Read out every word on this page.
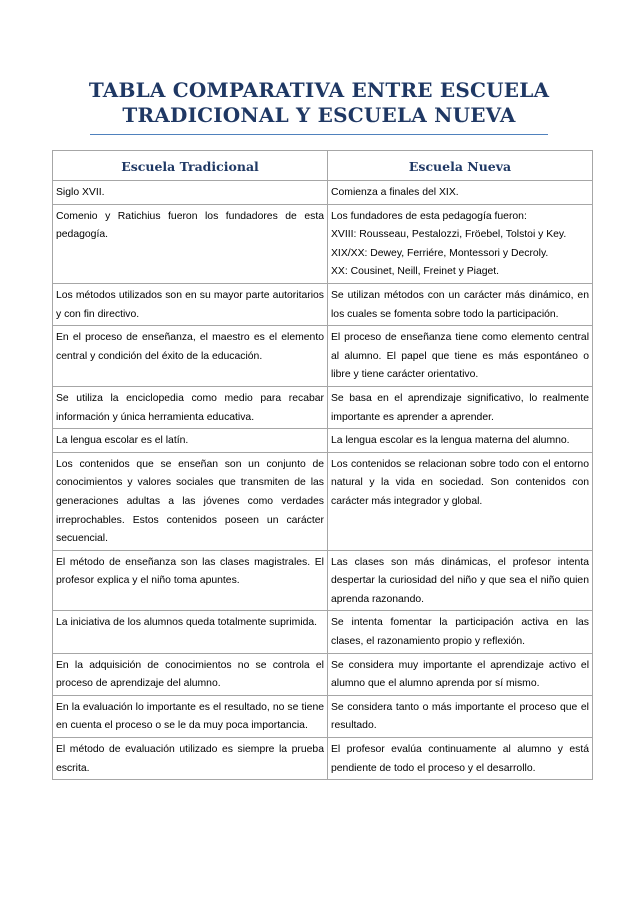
TABLA COMPARATIVA ENTRE ESCUELA
TRADICIONAL Y ESCUELA NUEVA
Escuela Tradicional	Escuela Nueva
Siglo XVII.	Comienza a finales del XIX.
Comenio y Ratichius fueron los fundadores de esta pedagogía.	Los fundadores de esta pedagogía fueron:
XVIII: Rousseau, Pestalozzi, Fröebel, Tolstoi y Key.
XIX/XX: Dewey, Ferriére, Montessori y Decroly.
XX: Cousinet, Neill, Freinet y Piaget.

Los métodos utilizados son en su mayor parte autoritarios y con fin directivo.	Se utilizan métodos con un carácter más dinámico, en los cuales se fomenta sobre todo la participación.
En el proceso de enseñanza, el maestro es el elemento central y condición del éxito de la educación.	El proceso de enseñanza tiene como elemento central al alumno. El papel que tiene es más espontáneo o libre y tiene carácter orientativo.
Se utiliza la enciclopedia como medio para recabar información y única herramienta educativa.	Se basa en el aprendizaje significativo, lo realmente importante es aprender a aprender.
La lengua escolar es el latín.	La lengua escolar es la lengua materna del alumno.
Los contenidos que se enseñan son un conjunto de conocimientos y valores sociales que transmiten de las generaciones adultas a las jóvenes como verdades irreprochables. Estos contenidos poseen un carácter secuencial.	Los contenidos se relacionan sobre todo con el entorno natural y la vida en sociedad. Son contenidos con carácter más integrador y global.
El método de enseñanza son las clases magistrales. El profesor explica y el niño toma apuntes.	Las clases son más dinámicas, el profesor intenta despertar la curiosidad del niño y que sea el niño quien aprenda razonando.
La iniciativa de los alumnos queda totalmente suprimida.	Se intenta fomentar la participación activa en las clases, el razonamiento propio y reflexión.
En la adquisición de conocimientos no se controla el proceso de aprendizaje del alumno.	Se considera muy importante el aprendizaje activo el alumno que el alumno aprenda por sí mismo.
En la evaluación lo importante es el resultado, no se tiene en cuenta el proceso o se le da muy poca importancia.	Se considera tanto o más importante el proceso que el resultado.
El método de evaluación utilizado es siempre la prueba escrita.	El profesor evalúa continuamente al alumno y está pendiente de todo el proceso y el desarrollo.
